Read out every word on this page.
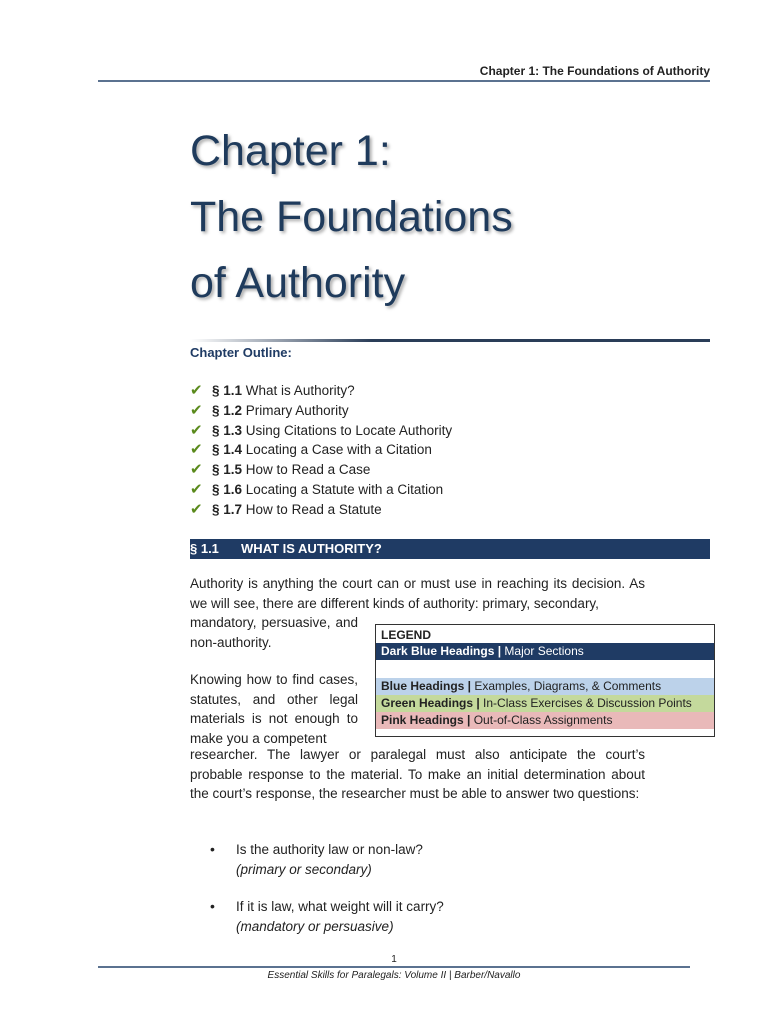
Chapter 1: The Foundations of Authority
Chapter 1:
The Foundations
of Authority
Chapter Outline:
✔ § 1.1 What is Authority?
✔ § 1.2 Primary Authority
✔ § 1.3 Using Citations to Locate Authority
✔ § 1.4 Locating a Case with a Citation
✔ § 1.5 How to Read a Case
✔ § 1.6 Locating a Statute with a Citation
✔ § 1.7 How to Read a Statute
§ 1.1 WHAT IS AUTHORITY?
Authority is anything the court can or must use in reaching its decision. As we will see, there are different kinds of authority: primary, secondary,
mandatory, persuasive, and non-authority.
Knowing how to find cases, statutes, and other legal materials is not enough to make you a competent
researcher. The lawyer or paralegal must also anticipate the court’s probable response to the material. To make an initial determination about the court’s response, the researcher must be able to answer two questions:
LEGEND
Dark Blue Headings | Major Sections
Blue Headings | Examples, Diagrams, & Comments
Green Headings | In-Class Exercises & Discussion Points
Pink Headings | Out-of-Class Assignments
• Is the authority law or non-law?
(primary or secondary)
• If it is law, what weight will it carry?
(mandatory or persuasive)
1
Essential Skills for Paralegals: Volume II | Barber/Navallo
